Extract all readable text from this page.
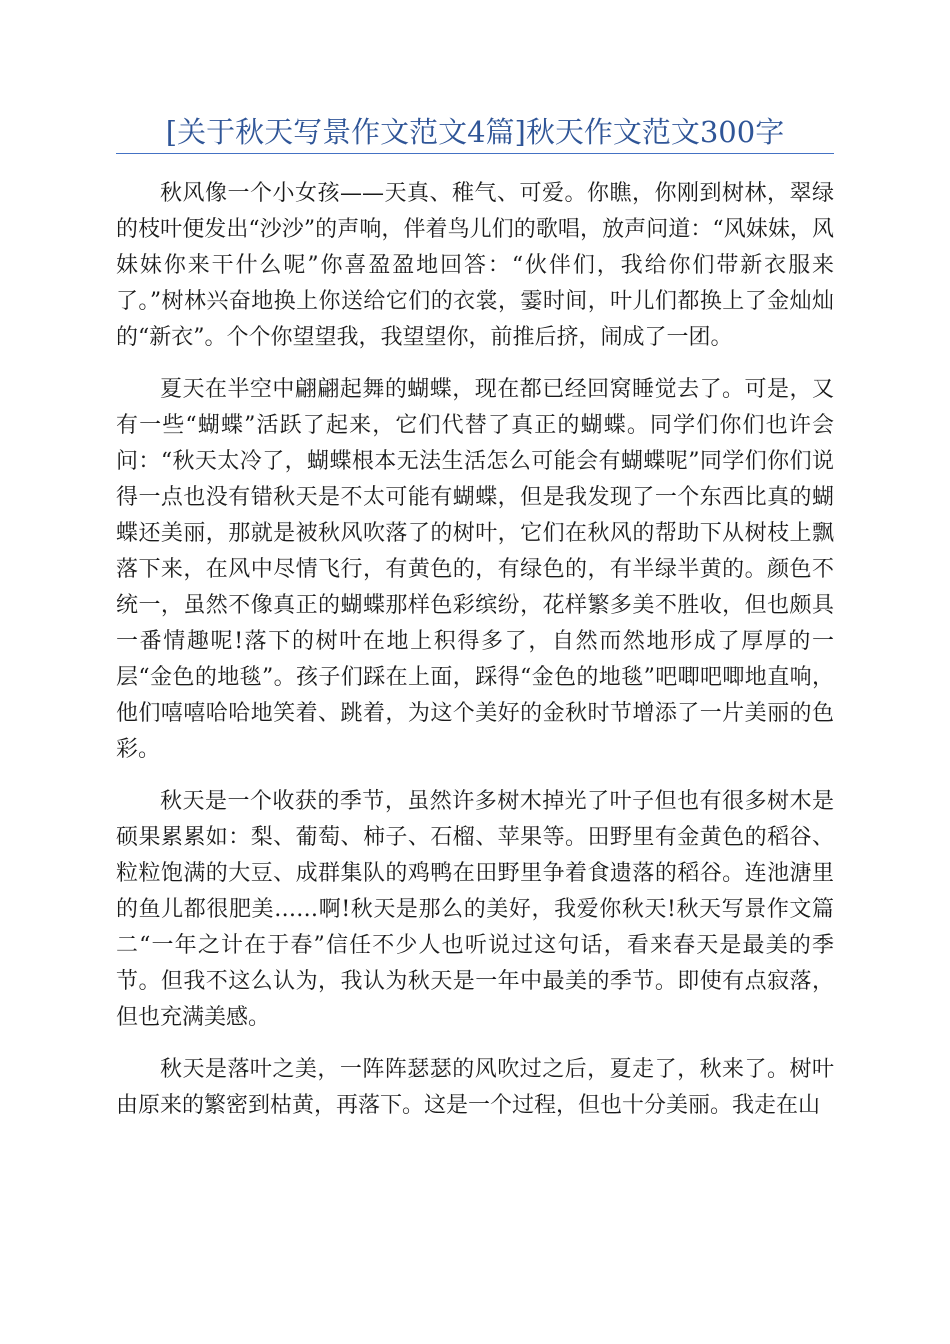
[关于秋天写景作文范文4篇]秋天作文范文300字

秋风像一个小女孩——天真、稚气、可爱。你瞧，你刚到树林，翠绿的枝叶便发出“沙沙”的声响，伴着鸟儿们的歌唱，放声问道：“风妹妹，风妹妹你来干什么呢”你喜盈盈地回答：“伙伴们，我给你们带新衣服来了。”树林兴奋地换上你送给它们的衣裳，霎时间，叶儿们都换上了金灿灿的“新衣”。个个你望望我，我望望你，前推后挤，闹成了一团。

夏天在半空中翩翩起舞的蝴蝶，现在都已经回窝睡觉去了。可是，又有一些“蝴蝶”活跃了起来，它们代替了真正的蝴蝶。同学们你们也许会问：“秋天太冷了，蝴蝶根本无法生活怎么可能会有蝴蝶呢”同学们你们说得一点也没有错秋天是不太可能有蝴蝶，但是我发现了一个东西比真的蝴蝶还美丽，那就是被秋风吹落了的树叶，它们在秋风的帮助下从树枝上飘落下来，在风中尽情飞行，有黄色的，有绿色的，有半绿半黄的。颜色不统一，虽然不像真正的蝴蝶那样色彩缤纷，花样繁多美不胜收，但也颇具一番情趣呢!落下的树叶在地上积得多了，自然而然地形成了厚厚的一层“金色的地毯”。孩子们踩在上面，踩得“金色的地毯”吧唧吧唧地直响，他们嘻嘻哈哈地笑着、跳着，为这个美好的金秋时节增添了一片美丽的色彩。

秋天是一个收获的季节，虽然许多树木掉光了叶子但也有很多树木是硕果累累如：梨、葡萄、柿子、石榴、苹果等。田野里有金黄色的稻谷、粒粒饱满的大豆、成群集队的鸡鸭在田野里争着食遗落的稻谷。连池溏里的鱼儿都很肥美……啊!秋天是那么的美好，我爱你秋天!秋天写景作文篇二“一年之计在于春”信任不少人也听说过这句话，看来春天是最美的季节。但我不这么认为，我认为秋天是一年中最美的季节。即使有点寂落，但也充满美感。

秋天是落叶之美，一阵阵瑟瑟的风吹过之后，夏走了，秋来了。树叶由原来的繁密到枯黄，再落下。这是一个过程，但也十分美丽。我走在山
